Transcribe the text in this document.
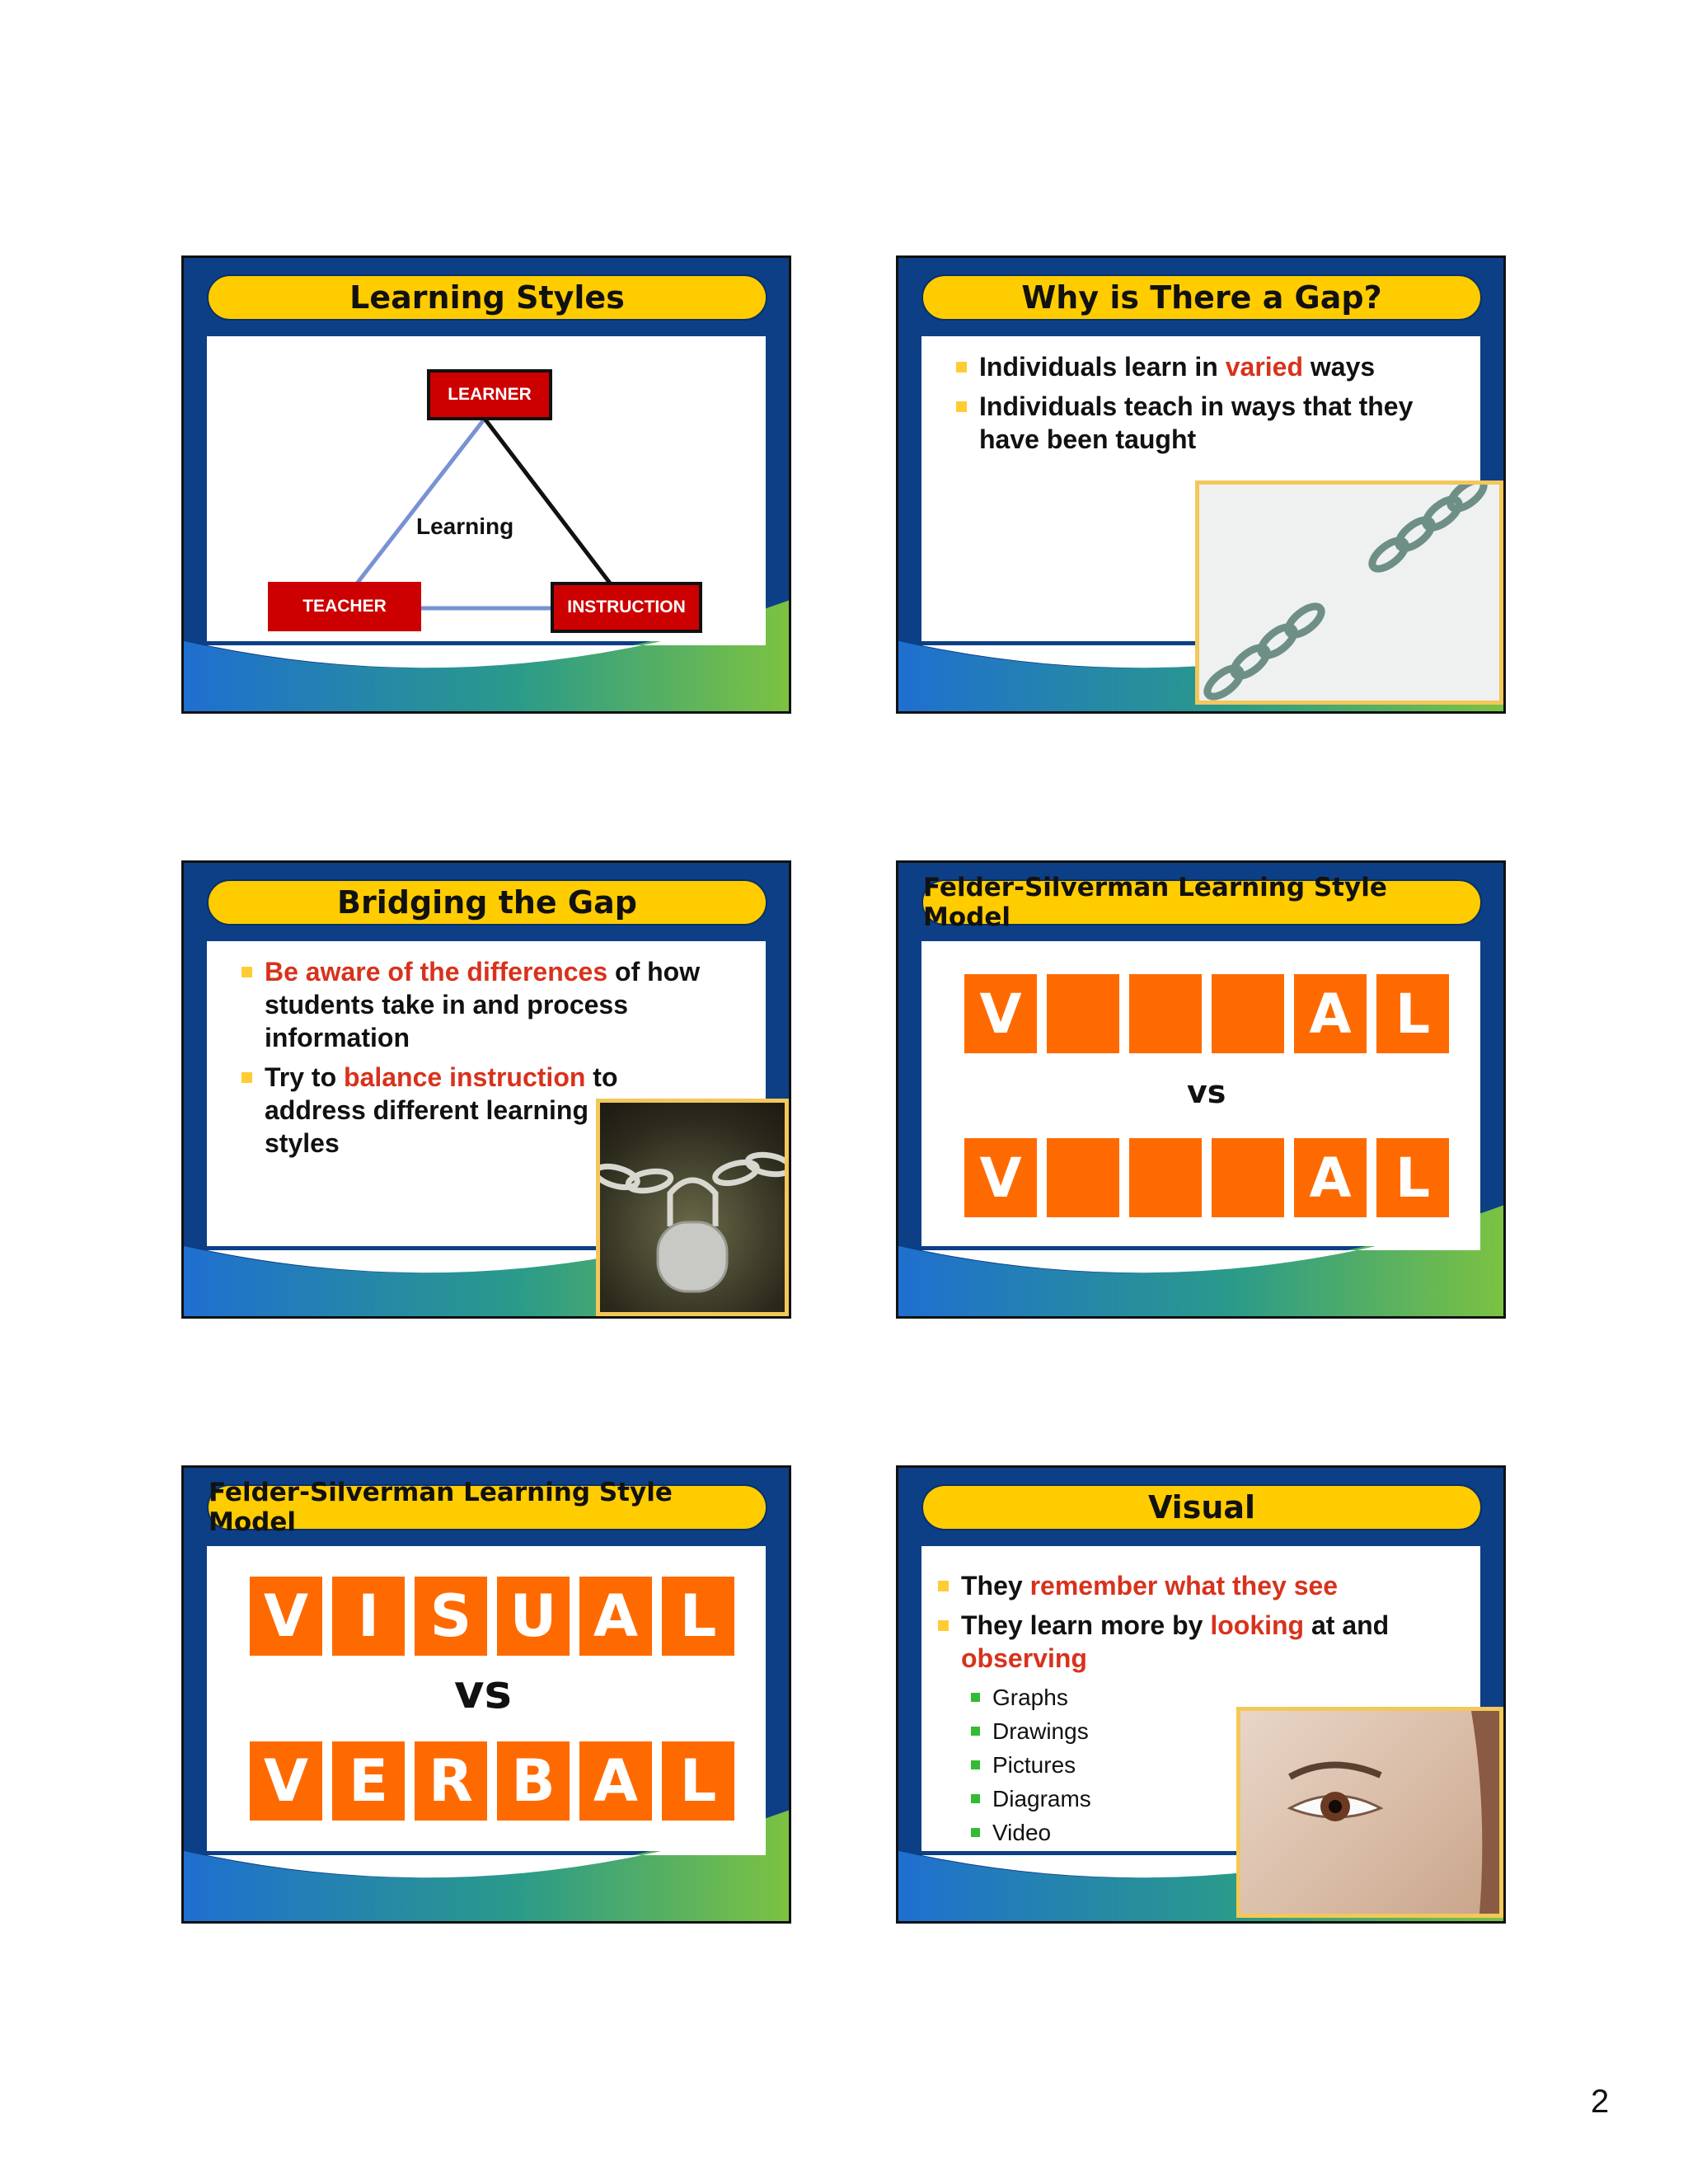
Learning Styles
LEARNER
TEACHER	INSTRUCTION
Learning
Why is There a Gap?
Individuals learn in varied ways
Individuals teach in ways that they have been taught
Bridging the Gap
Be aware of the differences of how students take in and process information
Try to balance instruction to address different learning styles
Felder-Silverman Learning Style Model
V	A L
vs
V	A L
Felder-Silverman Learning Style Model
V I S U A L
vs
V E R B A L
Visual
They remember what they see
They learn more by looking at and observing
Graphs
Drawings
Pictures
Diagrams
Video
2
